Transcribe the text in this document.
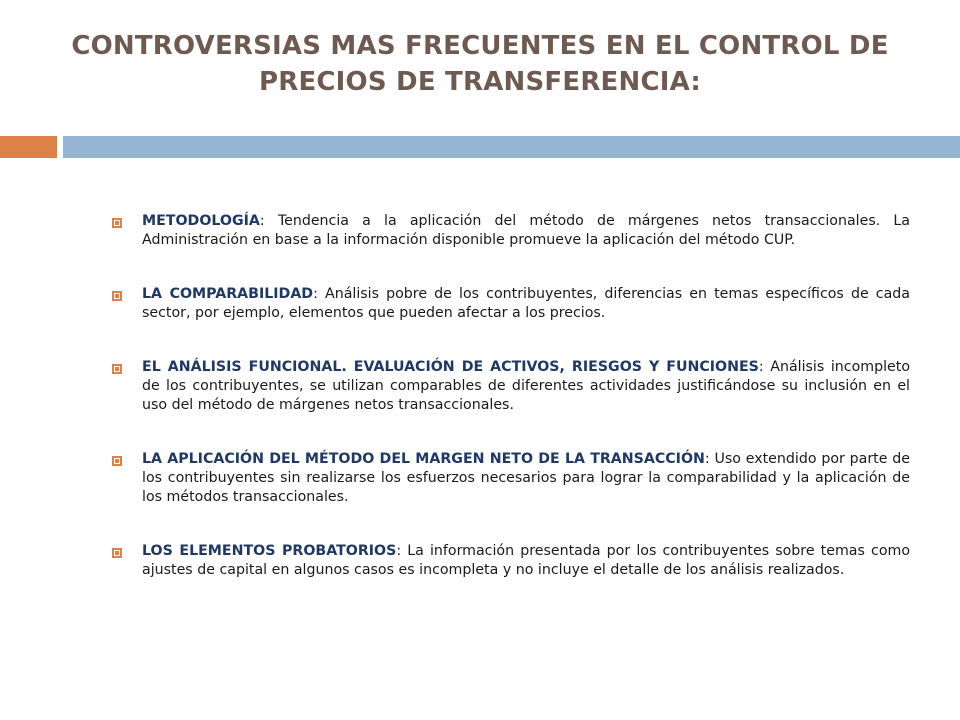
CONTROVERSIAS MAS FRECUENTES EN EL CONTROL DE
PRECIOS DE TRANSFERENCIA:
METODOLOGÍA: Tendencia a la aplicación del método de márgenes netos transaccionales. La Administración en base a la información disponible promueve la aplicación del método CUP.
LA COMPARABILIDAD: Análisis pobre de los contribuyentes, diferencias en temas específicos de cada sector, por ejemplo, elementos que pueden afectar a los precios.
EL ANÁLISIS FUNCIONAL. EVALUACIÓN DE ACTIVOS, RIESGOS Y FUNCIONES: Análisis incompleto de los contribuyentes, se utilizan comparables de diferentes actividades justificándose su inclusión en el uso del método de márgenes netos transaccionales.
LA APLICACIÓN DEL MÉTODO DEL MARGEN NETO DE LA TRANSACCIÓN: Uso extendido por parte de los contribuyentes sin realizarse los esfuerzos necesarios para lograr la comparabilidad y la aplicación de los métodos transaccionales.
LOS ELEMENTOS PROBATORIOS: La información presentada por los contribuyentes sobre temas como ajustes de capital en algunos casos es incompleta y no incluye el detalle de los análisis realizados.
